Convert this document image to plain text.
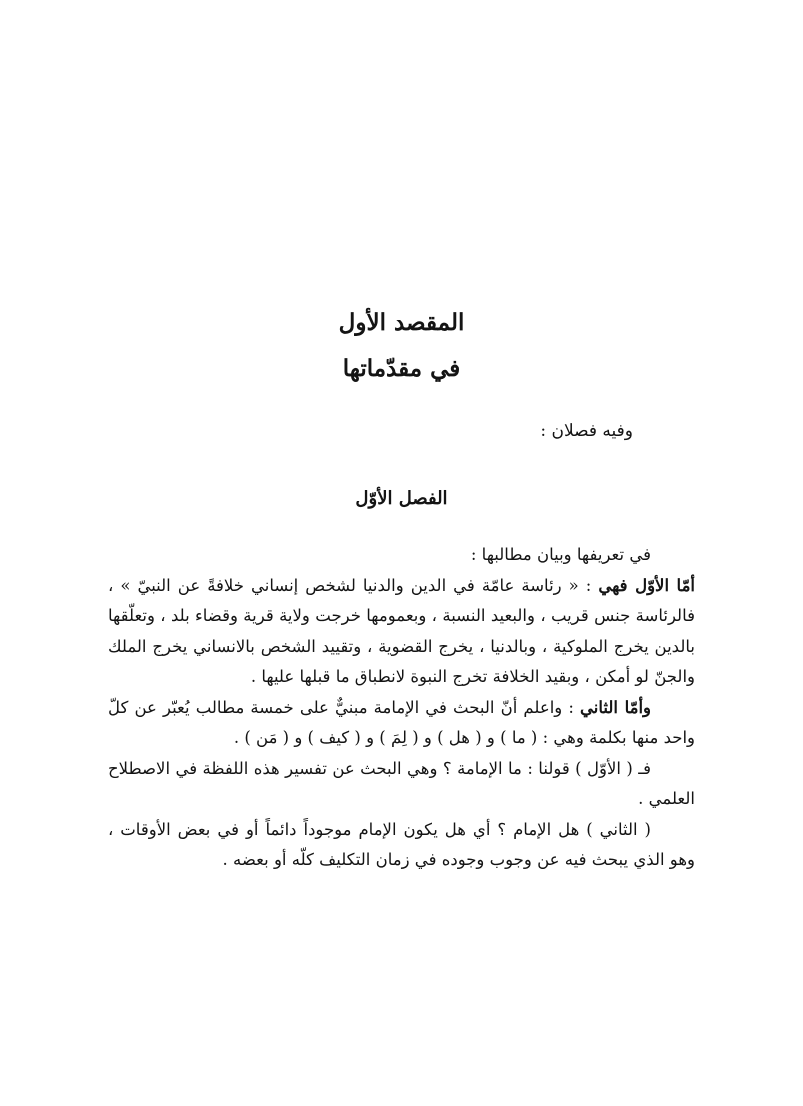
المقصد الأول
في مقدّماتها
وفيه فصلان :
الفصل الأوّل

في تعريفها وبيان مطالبها :

أمّا الأوّل فهي : « رئاسة عامّة في الدين والدنيا لشخص إنساني خلافةً عن النبيّ » ، فالرئاسة جنس قريب ، والبعيد النسبة ، وبعمومها خرجت ولاية قرية وقضاء بلد ، وتعلّقها بالدين يخرج الملوكية ، وبالدنيا ، يخرج القضوية ، وتقييد الشخص بالانساني يخرج الملك والجنّ لو أمكن ، وبقيد الخلافة تخرج النبوة لانطباق ما قبلها عليها .

وأمّا الثاني : واعلم أنّ البحث في الإمامة مبنيٌّ على خمسة مطالب يُعبّر عن كلّ واحد منها بكلمة وهي : ( ما ) و ( هل ) و ( لِمَ ) و ( كيف ) و ( مَن ) .

فـ ( الأوّل ) قولنا : ما الإمامة ؟ وهي البحث عن تفسير هذه اللفظة في الاصطلاح العلمي .

( الثاني ) هل الإمام ؟ أي هل يكون الإمام موجوداً دائماً أو في بعض الأوقات ، وهو الذي يبحث فيه عن وجوب وجوده في زمان التكليف كلّه أو بعضه .
